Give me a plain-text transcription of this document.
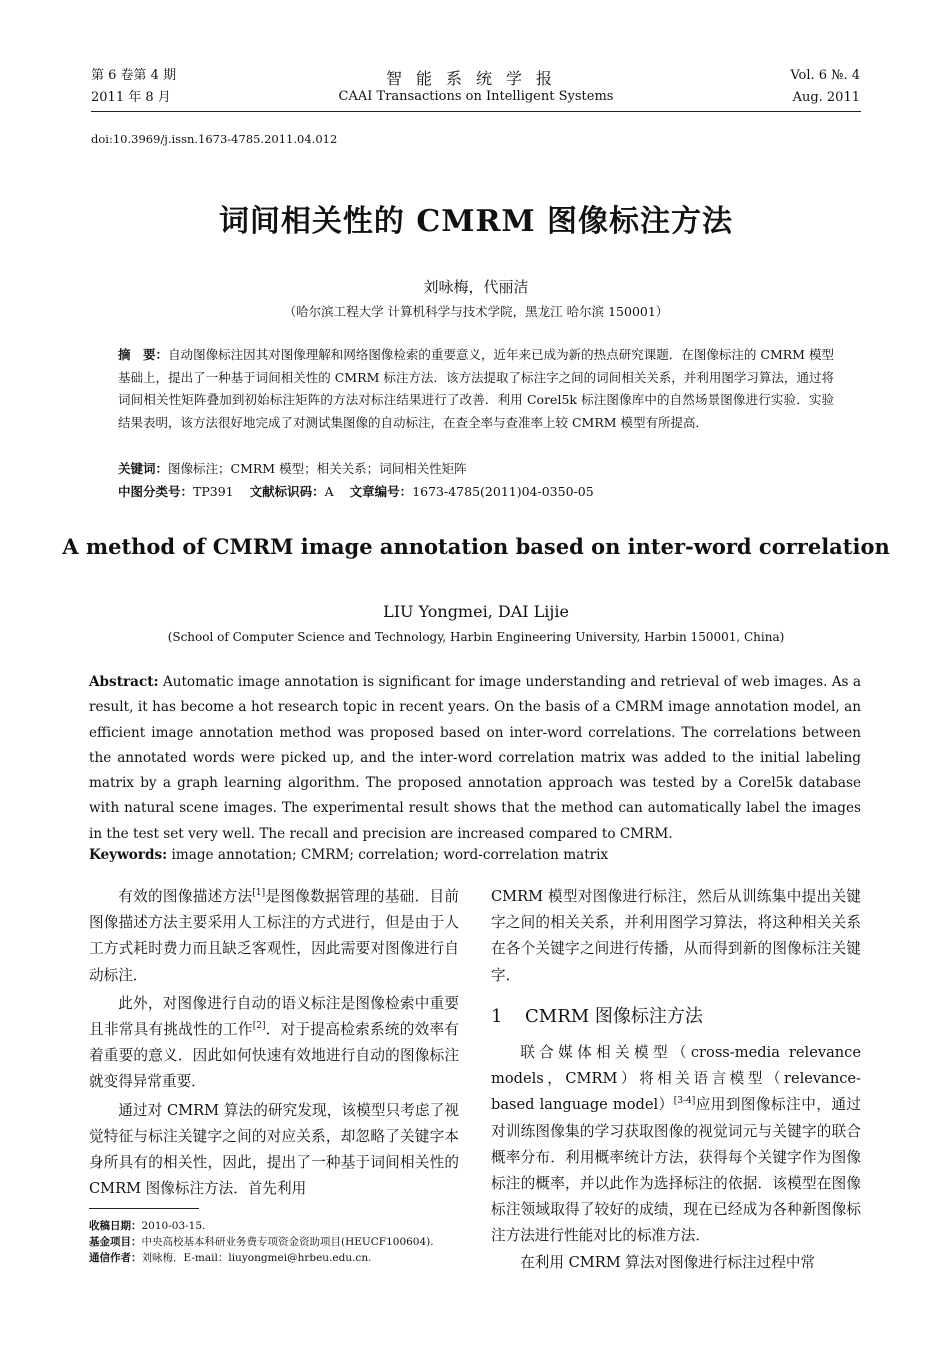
第 6 卷第 4 期
2011 年 8 月
智能系统学报
CAAI Transactions on Intelligent Systems
Vol. 6 №. 4
Aug. 2011
doi:10.3969/j.issn.1673-4785.2011.04.012
词间相关性的 CMRM 图像标注方法
刘咏梅，代丽洁
（哈尔滨工程大学 计算机科学与技术学院，黑龙江 哈尔滨 150001）

摘　要：自动图像标注因其对图像理解和网络图像检索的重要意义，近年来已成为新的热点研究课题．在图像标注的 CMRM 模型基础上，提出了一种基于词间相关性的 CMRM 标注方法．该方法提取了标注字之间的词间相关关系，并利用图学习算法，通过将词间相关性矩阵叠加到初始标注矩阵的方法对标注结果进行了改善．利用 Corel5k 标注图像库中的自然场景图像进行实验．实验结果表明，该方法很好地完成了对测试集图像的自动标注，在查全率与查准率上较 CMRM 模型有所提高．

关键词：图像标注；CMRM 模型；相关关系；词间相关性矩阵
中图分类号：TP391 文献标识码：A 文章编号：1673-4785(2011)04-0350-05
A method of CMRM image annotation based on inter-word correlation
LIU Yongmei, DAI Lijie
(School of Computer Science and Technology, Harbin Engineering University, Harbin 150001, China)

Abstract: Automatic image annotation is significant for image understanding and retrieval of web images. As a result, it has become a hot research topic in recent years. On the basis of a CMRM image annotation model, an efficient image annotation method was proposed based on inter-word correlations. The correlations between the annotated words were picked up, and the inter-word correlation matrix was added to the initial labeling matrix by a graph learning algorithm. The proposed annotation approach was tested by a Corel5k database with natural scene images. The experimental result shows that the method can automatically label the images in the test set very well. The recall and precision are increased compared to CMRM.

Keywords: image annotation; CMRM; correlation; word-correlation matrix

有效的图像描述方法[1]是图像数据管理的基础．目前图像描述方法主要采用人工标注的方式进行，但是由于人工方式耗时费力而且缺乏客观性，因此需要对图像进行自动标注．

此外，对图像进行自动的语义标注是图像检索中重要且非常具有挑战性的工作[2]．对于提高检索系统的效率有着重要的意义．因此如何快速有效地进行自动的图像标注就变得异常重要．

通过对 CMRM 算法的研究发现，该模型只考虑了视觉特征与标注关键字之间的对应关系，却忽略了关键字本身所具有的相关性，因此，提出了一种基于词间相关性的 CMRM 图像标注方法．首先利用

CMRM 模型对图像进行标注，然后从训练集中提出关键字之间的相关关系，并利用图学习算法，将这种相关关系在各个关键字之间进行传播，从而得到新的图像标注关键字．

1 CMRM 图像标注方法

联合媒体相关模型（cross-media relevance models，CMRM）将相关语言模型（relevance-based language model）[3-4]应用到图像标注中，通过对训练图像集的学习获取图像的视觉词元与关键字的联合概率分布．利用概率统计方法，获得每个关键字作为图像标注的概率，并以此作为选择标注的依据．该模型在图像标注领域取得了较好的成绩，现在已经成为各种新图像标注方法进行性能对比的标准方法．

在利用 CMRM 算法对图像进行标注过程中常

收稿日期：2010-03-15.
基金项目：中央高校基本科研业务费专项资金资助项目(HEUCF100604).
通信作者：刘咏梅．E-mail：liuyongmei@hrbeu.edu.cn.
